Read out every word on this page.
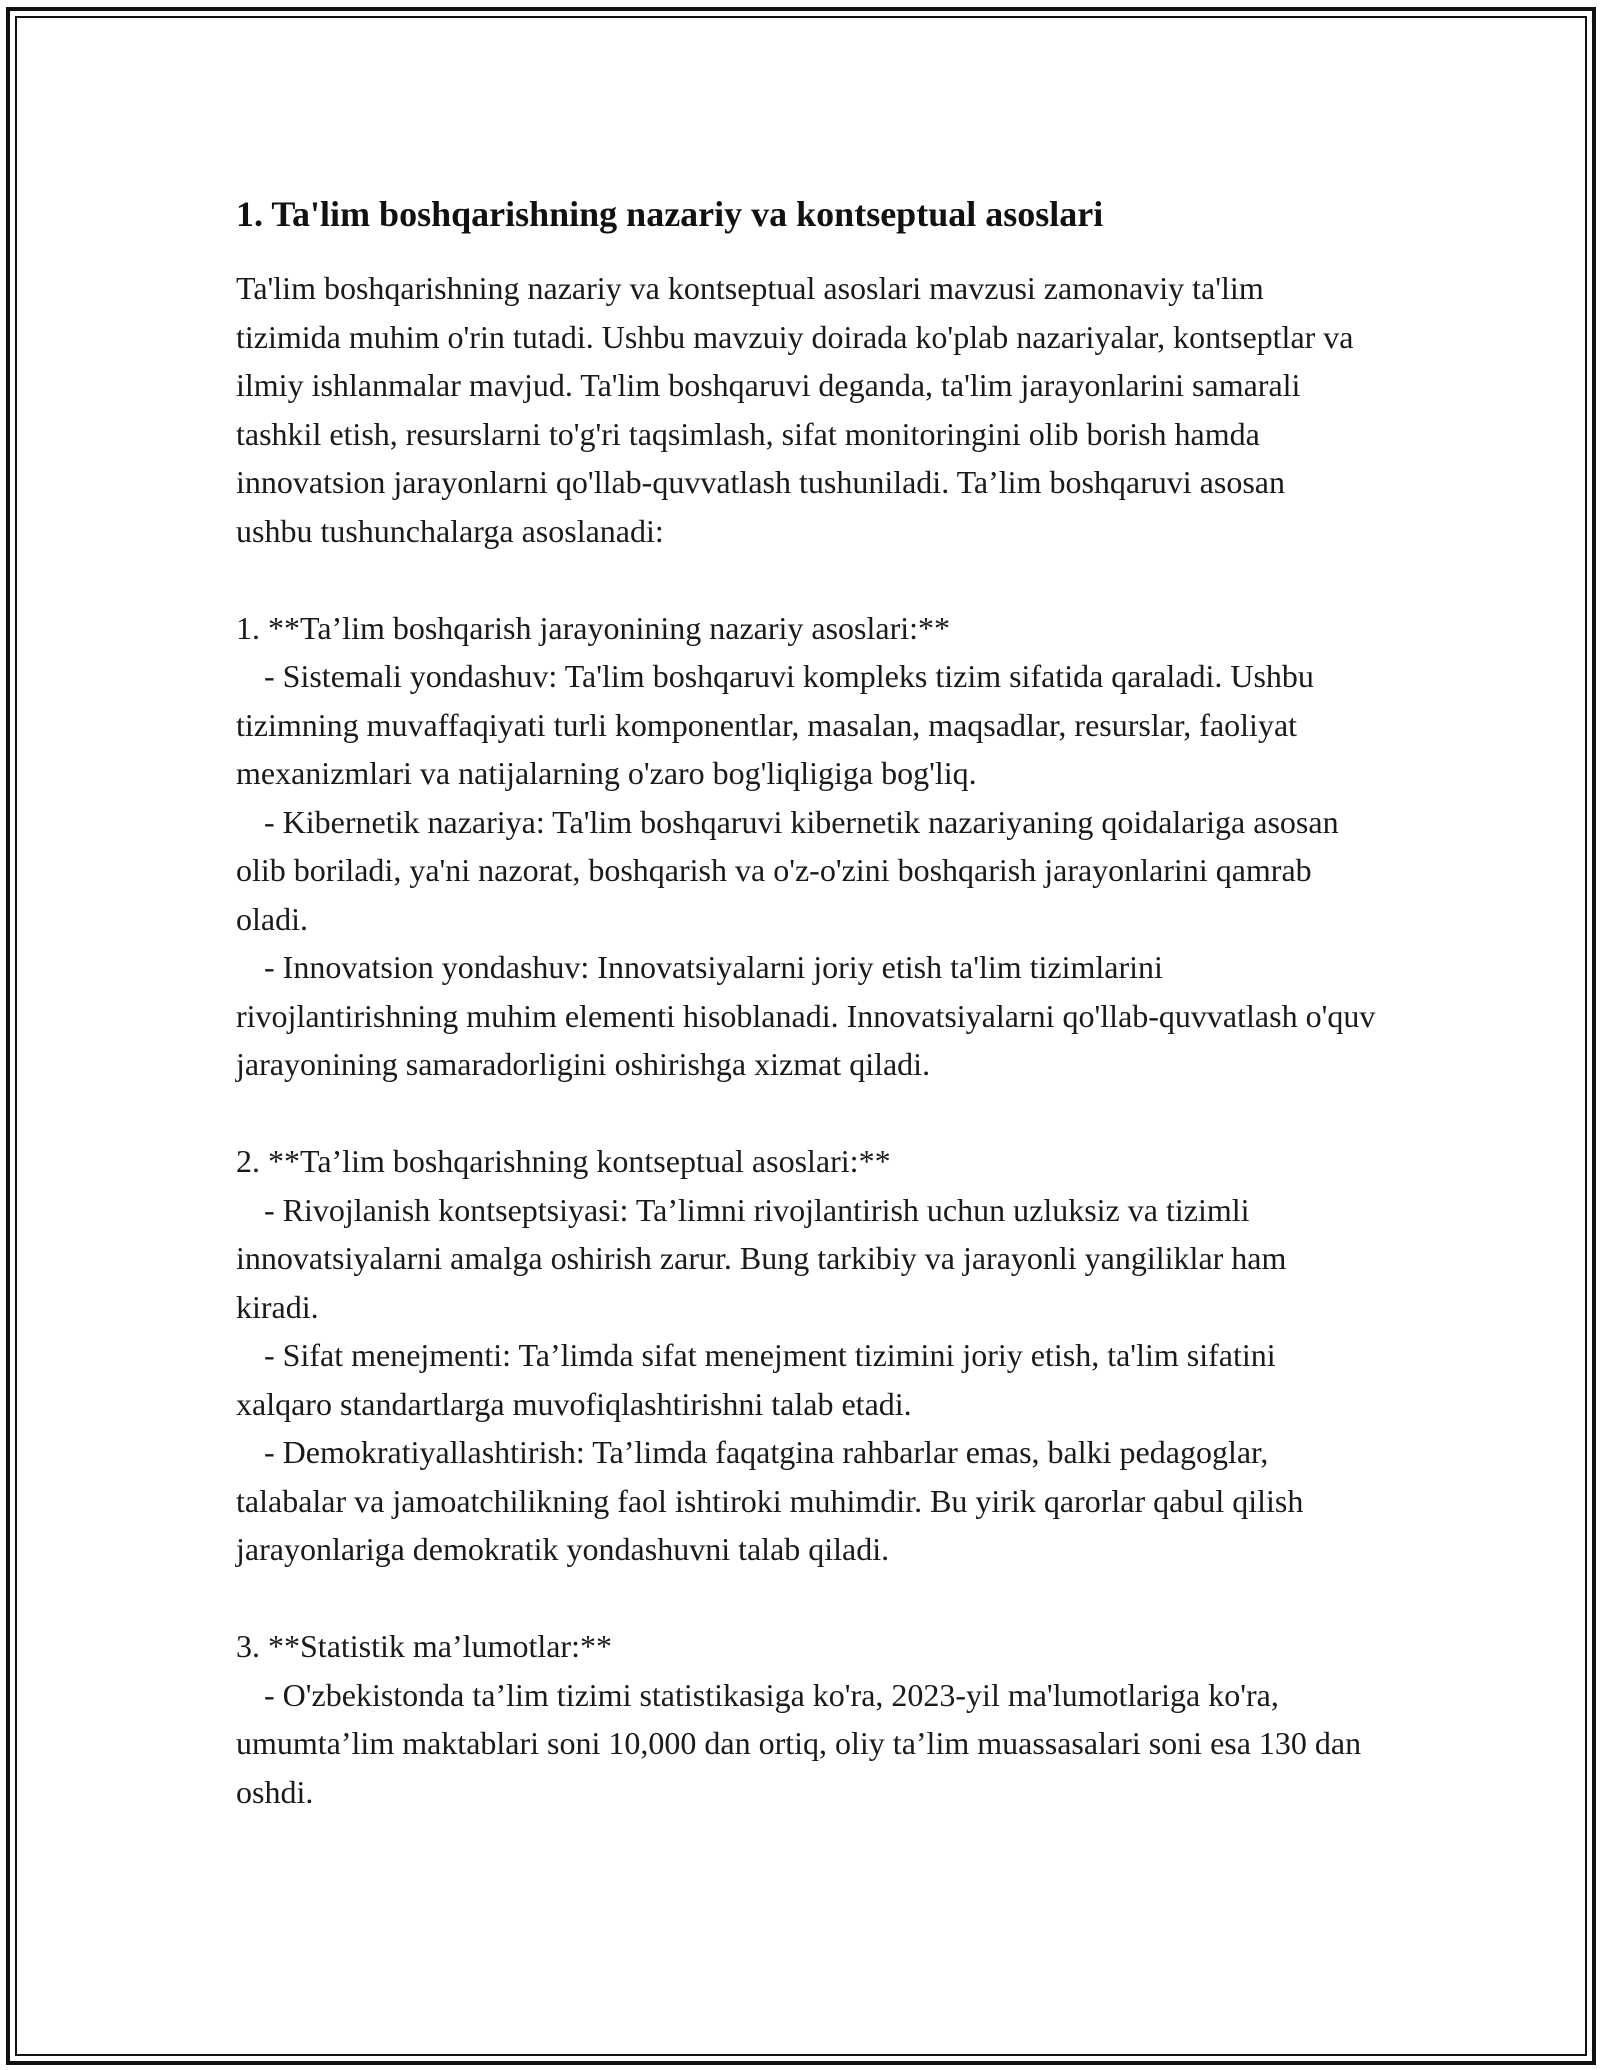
1. Ta'lim boshqarishning nazariy va kontseptual asoslari

Ta'lim boshqarishning nazariy va kontseptual asoslari mavzusi zamonaviy ta'lim tizimida muhim o'rin tutadi. Ushbu mavzuiy doirada ko'plab nazariyalar, kontseptlar va ilmiy ishlanmalar mavjud. Ta'lim boshqaruvi deganda, ta'lim jarayonlarini samarali tashkil etish, resurslarni to'g'ri taqsimlash, sifat monitoringini olib borish hamda innovatsion jarayonlarni qo'llab-quvvatlash tushuniladi. Ta’lim boshqaruvi asosan ushbu tushunchalarga asoslanadi:

1. **Ta’lim boshqarish jarayonining nazariy asoslari:**

- Sistemali yondashuv: Ta'lim boshqaruvi kompleks tizim sifatida qaraladi. Ushbu tizimning muvaffaqiyati turli komponentlar, masalan, maqsadlar, resurslar, faoliyat mexanizmlari va natijalarning o'zaro bog'liqligiga bog'liq.

- Kibernetik nazariya: Ta'lim boshqaruvi kibernetik nazariyaning qoidalariga asosan olib boriladi, ya'ni nazorat, boshqarish va o'z-o'zini boshqarish jarayonlarini qamrab oladi.

- Innovatsion yondashuv: Innovatsiyalarni joriy etish ta'lim tizimlarini rivojlantirishning muhim elementi hisoblanadi. Innovatsiyalarni qo'llab-quvvatlash o'quv jarayonining samaradorligini oshirishga xizmat qiladi.

2. **Ta’lim boshqarishning kontseptual asoslari:**

- Rivojlanish kontseptsiyasi: Ta’limni rivojlantirish uchun uzluksiz va tizimli innovatsiyalarni amalga oshirish zarur. Bung tarkibiy va jarayonli yangiliklar ham kiradi.

- Sifat menejmenti: Ta’limda sifat menejment tizimini joriy etish, ta'lim sifatini xalqaro standartlarga muvofiqlashtirishni talab etadi.

- Demokratiyallashtirish: Ta’limda faqatgina rahbarlar emas, balki pedagoglar, talabalar va jamoatchilikning faol ishtiroki muhimdir. Bu yirik qarorlar qabul qilish jarayonlariga demokratik yondashuvni talab qiladi.

3. **Statistik ma’lumotlar:**

- O'zbekistonda ta’lim tizimi statistikasiga ko'ra, 2023-yil ma'lumotlariga ko'ra, umumta’lim maktablari soni 10,000 dan ortiq, oliy ta’lim muassasalari soni esa 130 dan oshdi.
